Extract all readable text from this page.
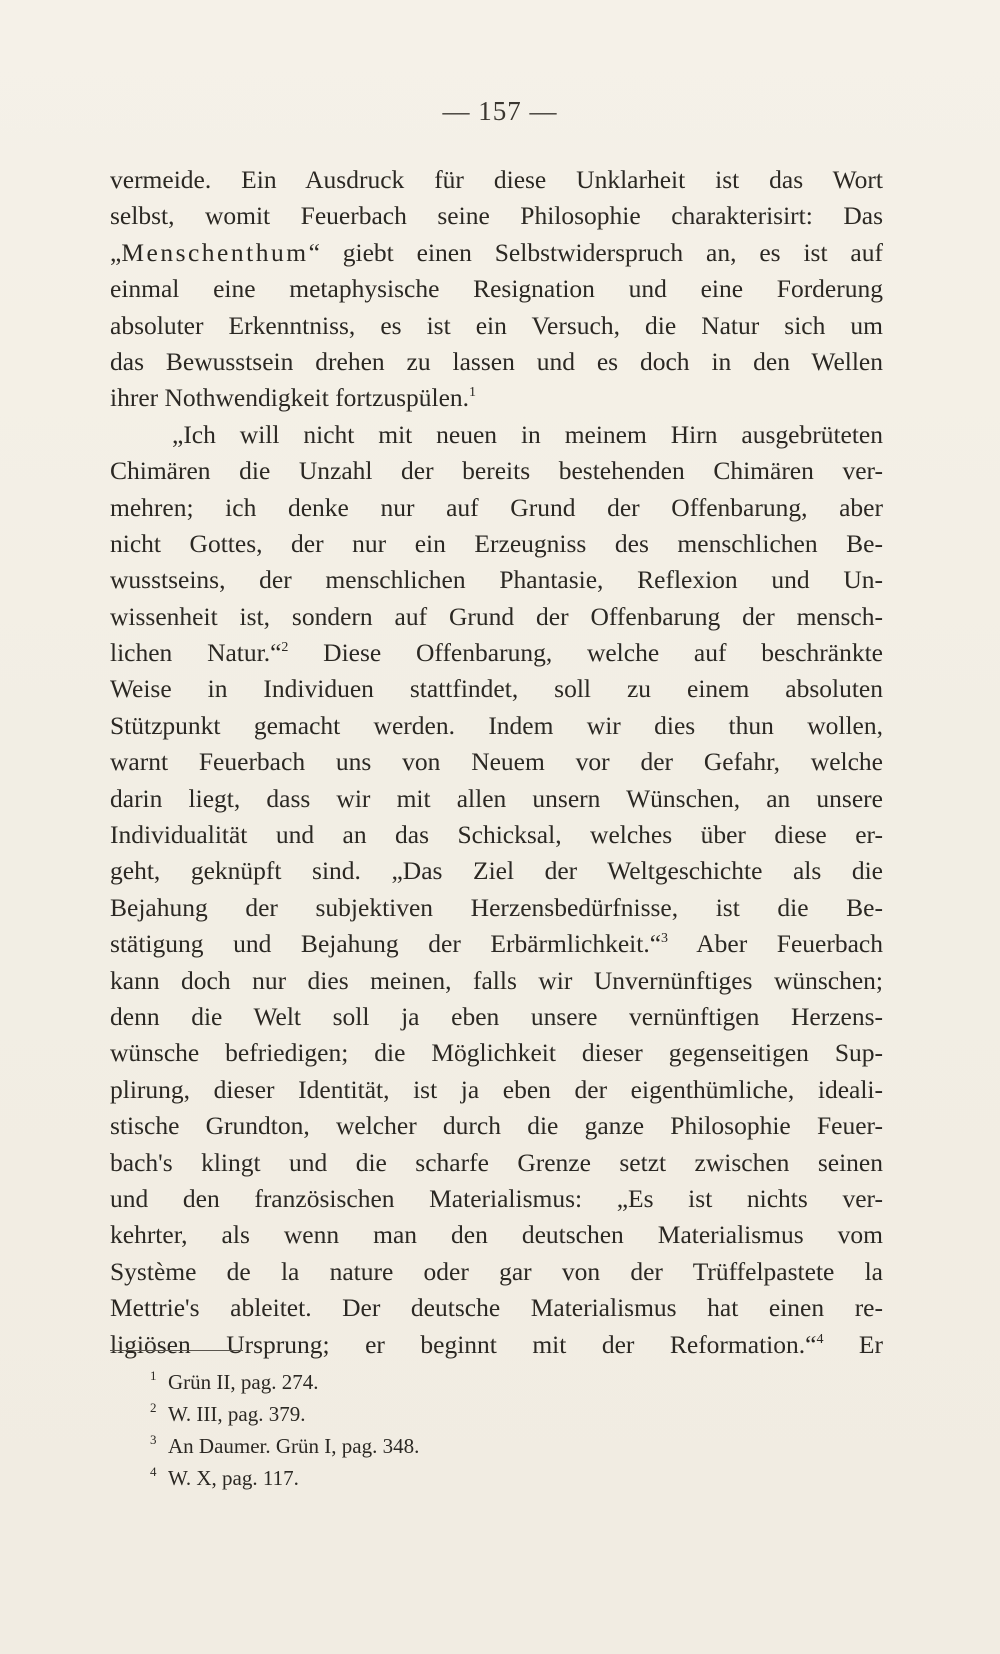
— 157 —
vermeide. Ein Ausdruck für diese Unklarheit ist das Wort
selbst, womit Feuerbach seine Philosophie charakterisirt: Das
„Menschenthum“ giebt einen Selbstwiderspruch an, es ist auf
einmal eine metaphysische Resignation und eine Forderung
absoluter Erkenntniss, es ist ein Versuch, die Natur sich um
das Bewusstsein drehen zu lassen und es doch in den Wellen
ihrer Nothwendigkeit fortzuspülen.$^1$
„Ich will nicht mit neuen in meinem Hirn ausgebrüteten
Chimären die Unzahl der bereits bestehenden Chimären ver-
mehren; ich denke nur auf Grund der Offenbarung, aber
nicht Gottes, der nur ein Erzeugniss des menschlichen Be-
wusstseins, der menschlichen Phantasie, Reflexion und Un-
wissenheit ist, sondern auf Grund der Offenbarung der mensch-
lichen Natur.“$^2$ Diese Offenbarung, welche auf beschränkte
Weise in Individuen stattfindet, soll zu einem absoluten
Stützpunkt gemacht werden. Indem wir dies thun wollen,
warnt Feuerbach uns von Neuem vor der Gefahr, welche
darin liegt, dass wir mit allen unsern Wünschen, an unsere
Individualität und an das Schicksal, welches über diese er-
geht, geknüpft sind. „Das Ziel der Weltgeschichte als die
Bejahung der subjektiven Herzensbedürfnisse, ist die Be-
stätigung und Bejahung der Erbärmlichkeit.“$^3$ Aber Feuerbach
kann doch nur dies meinen, falls wir Unvernünftiges wünschen;
denn die Welt soll ja eben unsere vernünftigen Herzens-
wünsche befriedigen; die Möglichkeit dieser gegenseitigen Sup-
plirung, dieser Identität, ist ja eben der eigenthümliche, ideali-
stische Grundton, welcher durch die ganze Philosophie Feuer-
bach's klingt und die scharfe Grenze setzt zwischen seinen
und den französischen Materialismus: „Es ist nichts ver-
kehrter, als wenn man den deutschen Materialismus vom
Système de la nature oder gar von der Trüffelpastete la
Mettrie's ableitet. Der deutsche Materialismus hat einen re-
ligiösen Ursprung; er beginnt mit der Reformation.“$^4$ Er
1 Grün II, pag. 274.
2 W. III, pag. 379.
3 An Daumer. Grün I, pag. 348.
4 W. X, pag. 117.
